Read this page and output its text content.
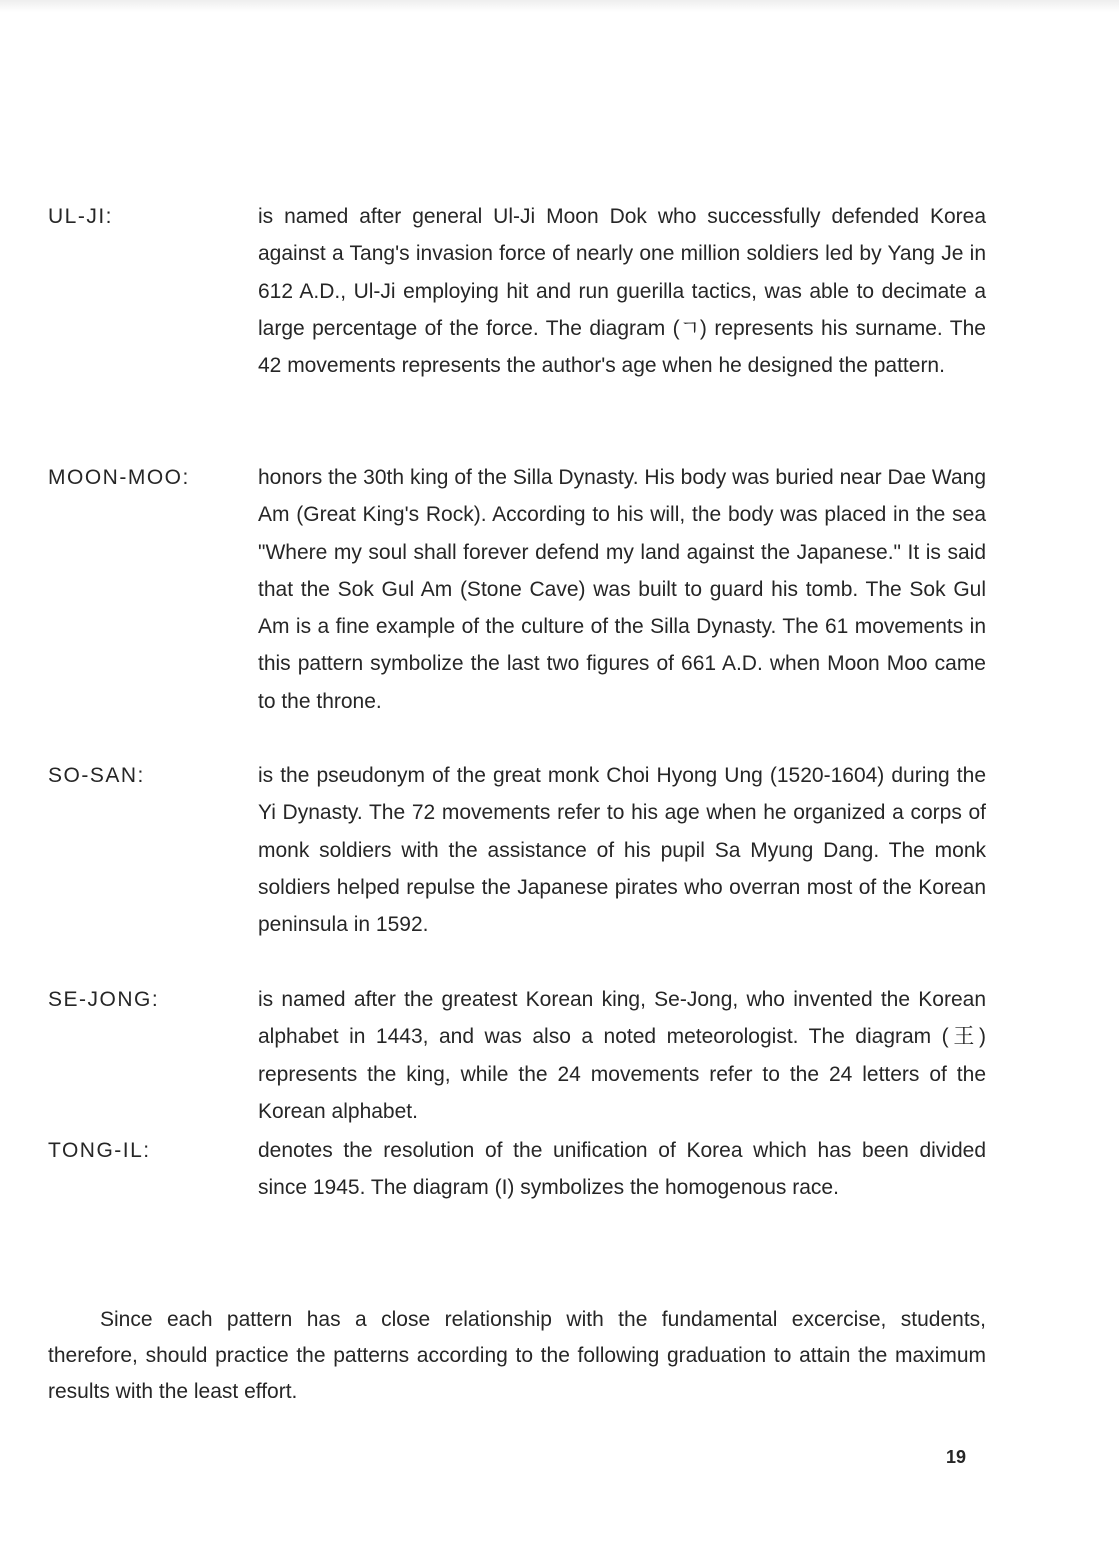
UL-JI:	is named after general Ul-Ji Moon Dok who successfully defended Korea against a Tang's invasion force of nearly one million soldiers led by Yang Je in 612 A.D., Ul-Ji employing hit and run guerilla tactics, was able to decimate a large percentage of the force. The diagram (ㄱ) represents his surname. The 42 movements represents the author's age when he designed the pattern.
MOON-MOO:	honors the 30th king of the Silla Dynasty. His body was buried near Dae Wang Am (Great King's Rock). According to his will, the body was placed in the sea "Where my soul shall forever defend my land against the Japanese." It is said that the Sok Gul Am (Stone Cave) was built to guard his tomb. The Sok Gul Am is a fine example of the culture of the Silla Dynasty. The 61 movements in this pattern symbolize the last two figures of 661 A.D. when Moon Moo came to the throne.
SO-SAN:	is the pseudonym of the great monk Choi Hyong Ung (1520-1604) during the Yi Dynasty. The 72 movements refer to his age when he organized a corps of monk soldiers with the assistance of his pupil Sa Myung Dang. The monk soldiers helped repulse the Japanese pirates who overran most of the Korean peninsula in 1592.
SE-JONG:	is named after the greatest Korean king, Se-Jong, who invented the Korean alphabet in 1443, and was also a noted meteorologist. The diagram (王) represents the king, while the 24 movements refer to the 24 letters of the Korean alphabet.
TONG-IL:	denotes the resolution of the unification of Korea which has been divided since 1945. The diagram (I) symbolizes the homogenous race.

Since each pattern has a close relationship with the fundamental excercise, students, therefore, should practice the patterns according to the following graduation to attain the maximum results with the least effort.

19
